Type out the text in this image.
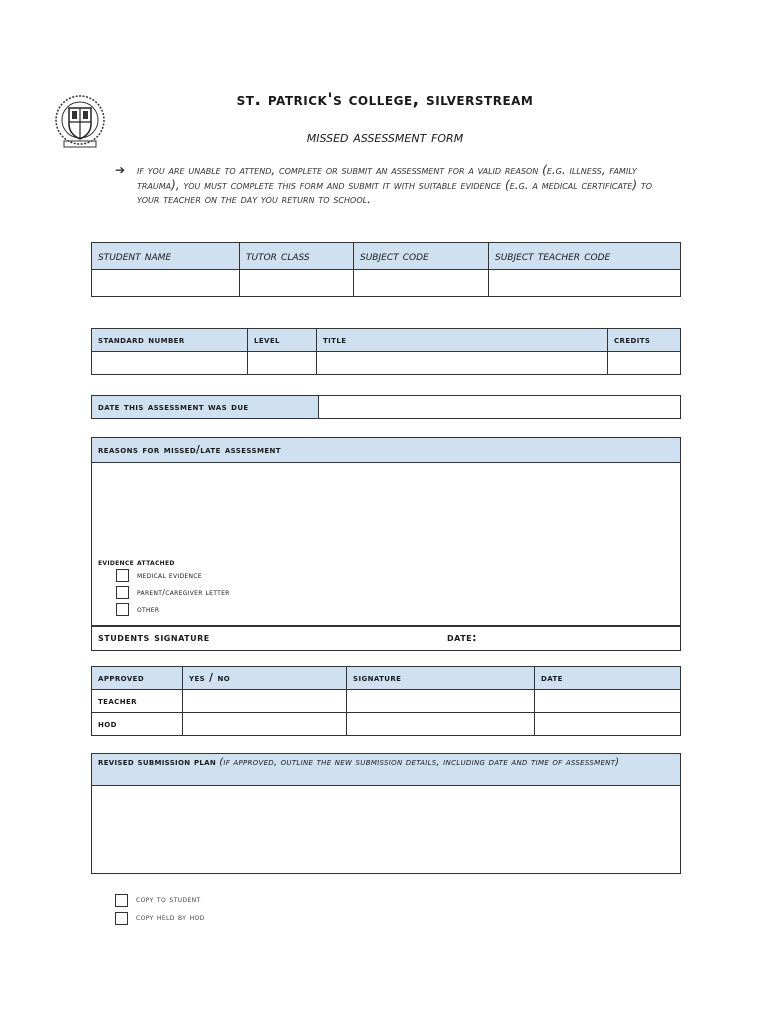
st. patrick's college, silverstream
missed assessment form
➔ if you are unable to attend, complete or submit an assessment for a valid reason (e.g. illness, family trauma), you must complete this form and submit it with suitable evidence (e.g. a medical certificate) to your teacher on the day you return to school.
student name	tutor class	subject code	subject teacher code

standard number	level	title	credits

date this assessment was due	
reasons for missed/late assessment
evidence attached
medical evidence
parent/caregiver letter
other
students signature	date:
approved	yes / no	signature	date
teacher			
hod			
revised submission plan (if approved, outline the new submission details, including date and time of assessment)
copy to student
copy held by hod
